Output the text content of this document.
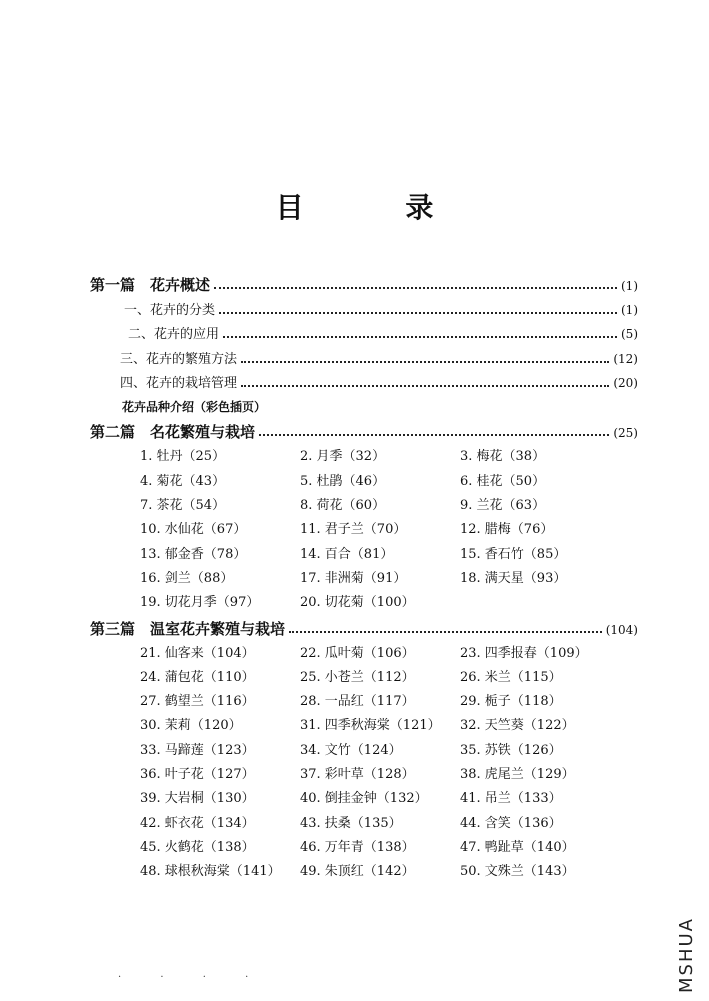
目 录
第一篇　花卉概述	(1)
一、花卉的分类	(1)
二、花卉的应用	(5)
三、花卉的繁殖方法	(12)
四、花卉的栽培管理	(20)
花卉品种介绍（彩色插页）
第二篇　名花繁殖与栽培	(25)
1. 牡丹（25）	2. 月季（32）	3. 梅花（38）
4. 菊花（43）	5. 杜鹃（46）	6. 桂花（50）
7. 茶花（54）	8. 荷花（60）	9. 兰花（63）
10. 水仙花（67）	11. 君子兰（70）	12. 腊梅（76）
13. 郁金香（78）	14. 百合（81）	15. 香石竹（85）
16. 剑兰（88）	17. 非洲菊（91）	18. 满天星（93）
19. 切花月季（97）	20. 切花菊（100）
第三篇　温室花卉繁殖与栽培	(104)
21. 仙客来（104）	22. 瓜叶菊（106）	23. 四季报春（109）
24. 蒲包花（110）	25. 小苍兰（112）	26. 米兰（115）
27. 鹤望兰（116）	28. 一品红（117）	29. 栀子（118）
30. 茉莉（120）	31. 四季秋海棠（121）	32. 天竺葵（122）
33. 马蹄莲（123）	34. 文竹（124）	35. 苏铁（126）
36. 叶子花（127）	37. 彩叶草（128）	38. 虎尾兰（129）
39. 大岩桐（130）	40. 倒挂金钟（132）	41. 吊兰（133）
42. 虾衣花（134）	43. 扶桑（135）	44. 含笑（136）
45. 火鹤花（138）	46. 万年青（138）	47. 鸭趾草（140）
48. 球根秋海棠（141）	49. 朱顶红（142）	50. 文殊兰（143）
· · · ·	MSHUA
